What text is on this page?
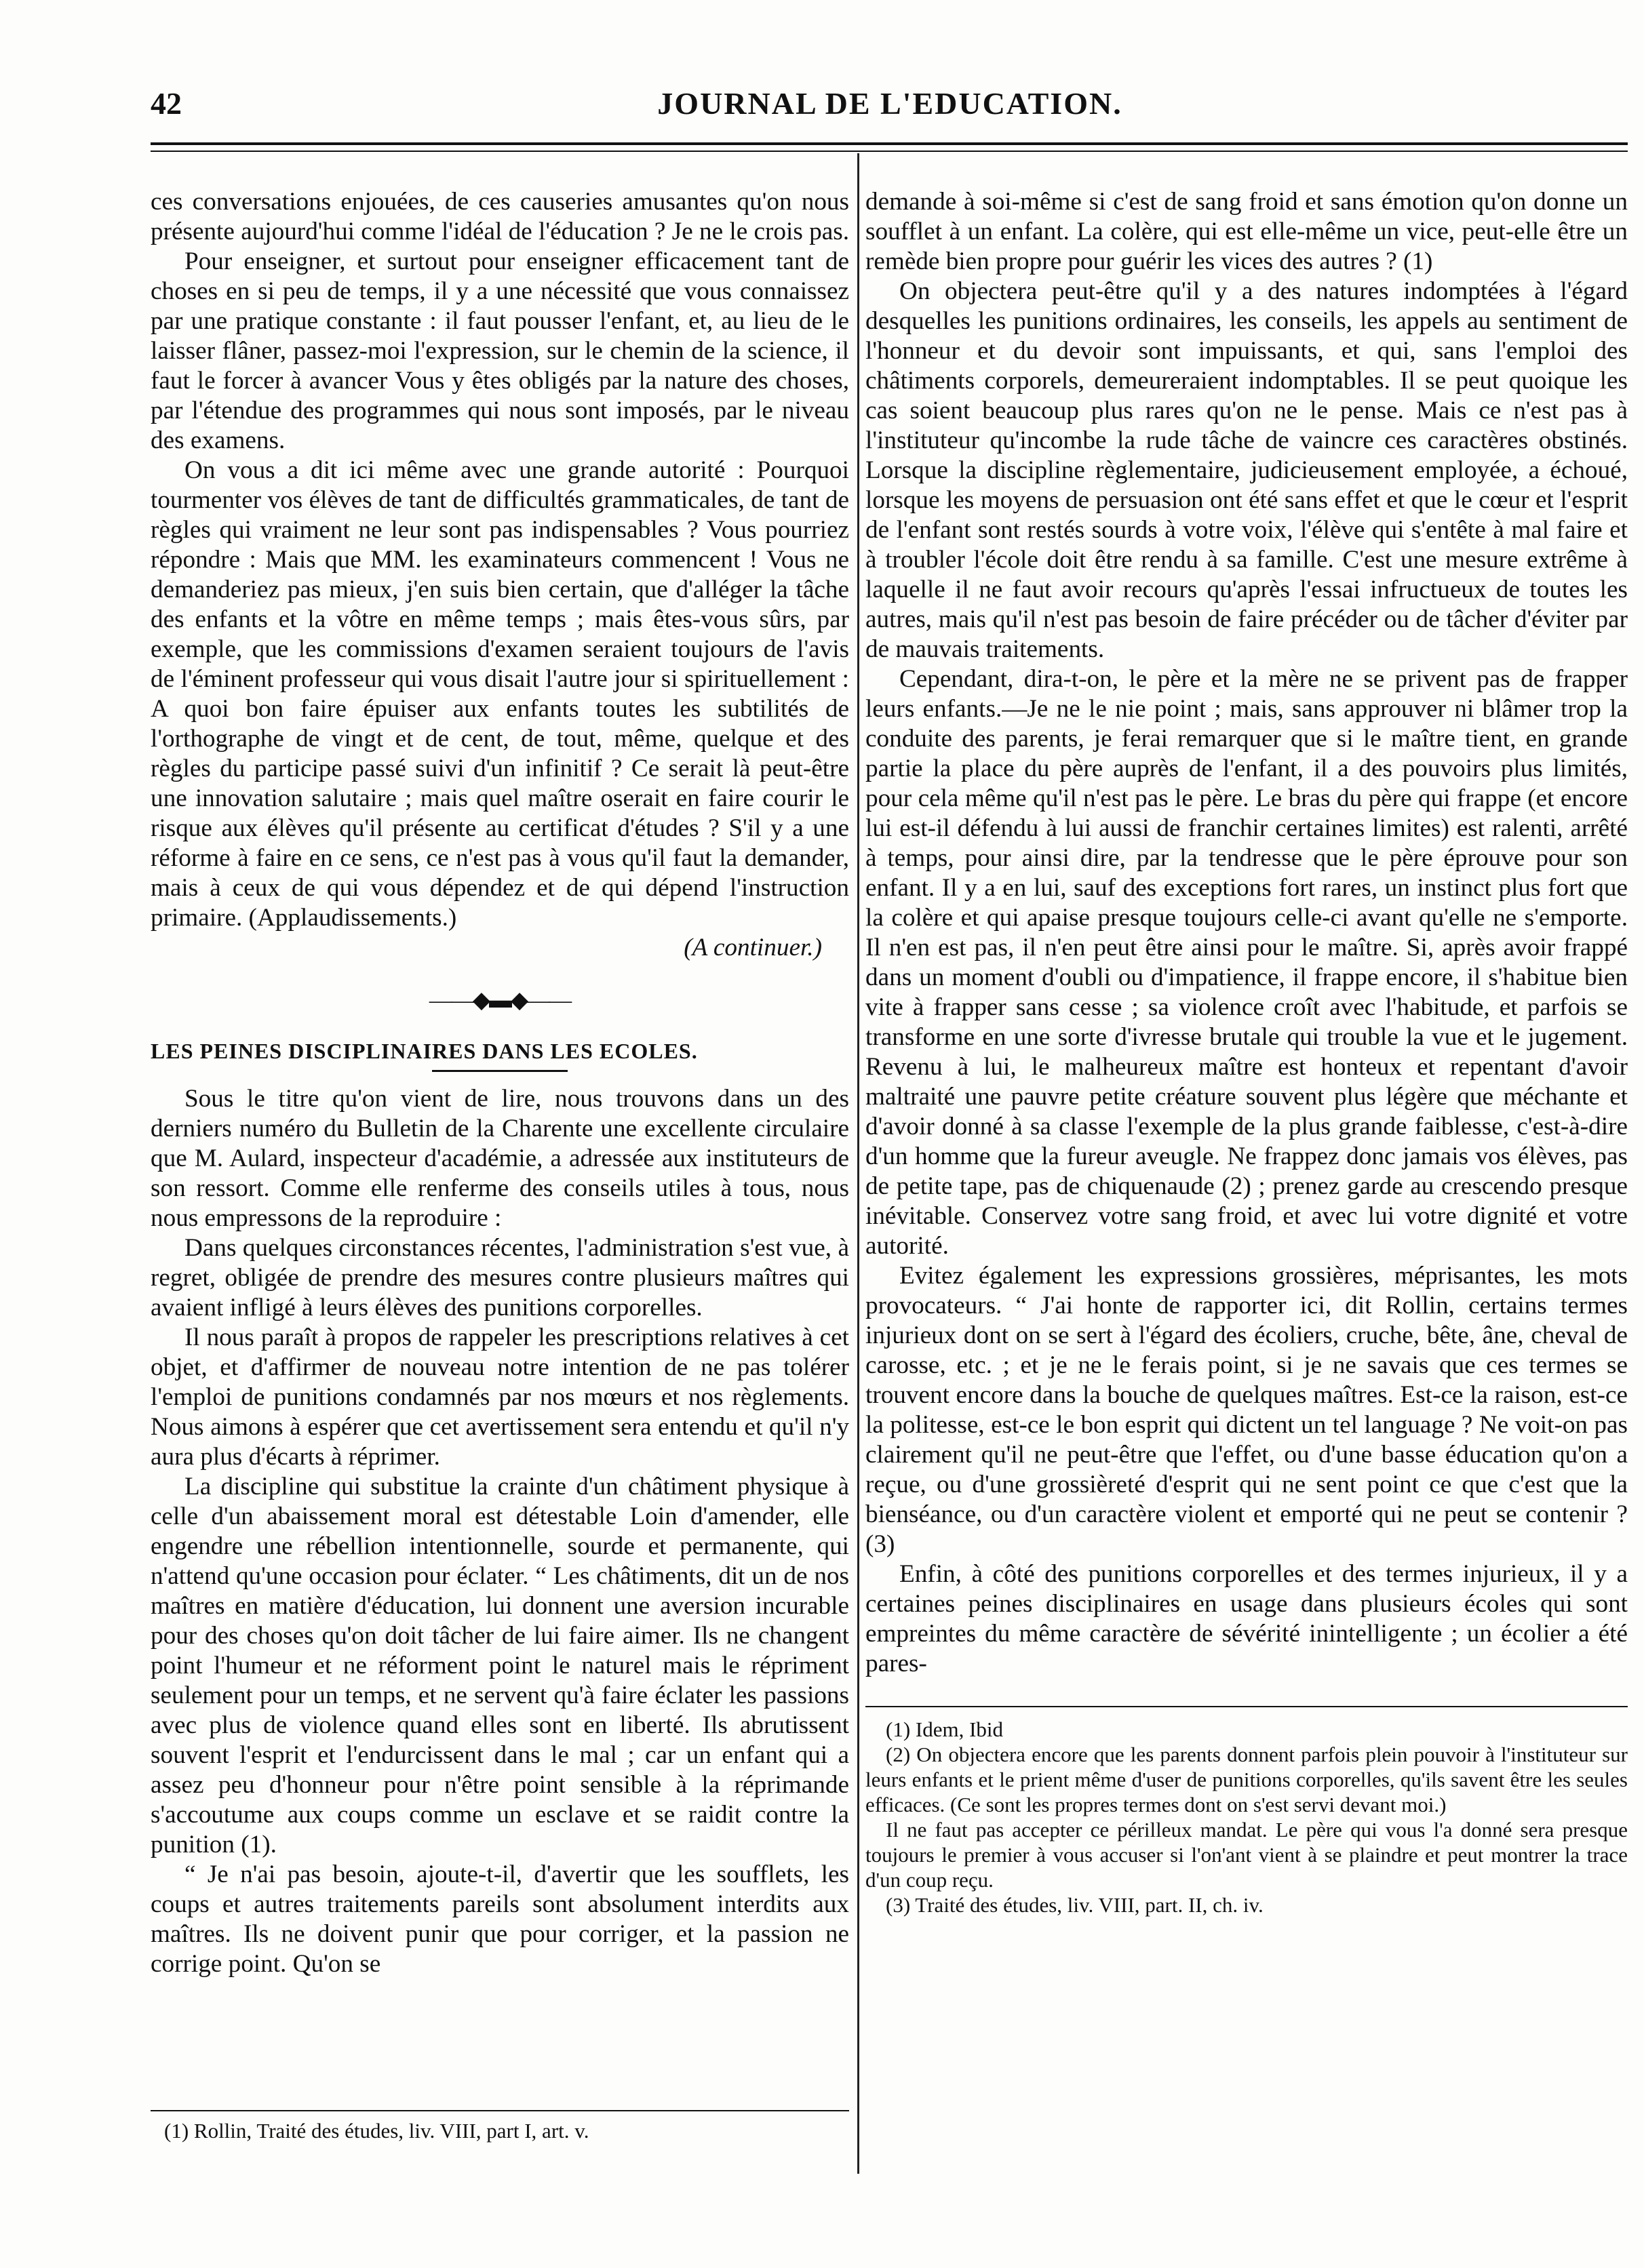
42	JOURNAL DE L'EDUCATION.

ces conversations enjouées, de ces causeries amusantes qu'on nous présente aujourd'hui comme l'idéal de l'éducation ? Je ne le crois pas.

Pour enseigner, et surtout pour enseigner efficacement tant de choses en si peu de temps, il y a une nécessité que vous connaissez par une pratique constante : il faut pousser l'enfant, et, au lieu de le laisser flâner, passez-moi l'expression, sur le chemin de la science, il faut le forcer à avancer Vous y êtes obligés par la nature des choses, par l'étendue des programmes qui nous sont imposés, par le niveau des examens.

On vous a dit ici même avec une grande autorité : Pourquoi tourmenter vos élèves de tant de difficultés grammaticales, de tant de règles qui vraiment ne leur sont pas indispensables ? Vous pourriez répondre : Mais que MM. les examinateurs commencent ! Vous ne demanderiez pas mieux, j'en suis bien certain, que d'alléger la tâche des enfants et la vôtre en même temps ; mais êtes-vous sûrs, par exemple, que les commissions d'examen seraient toujours de l'avis de l'éminent professeur qui vous disait l'autre jour si spirituellement : A quoi bon faire épuiser aux enfants toutes les subtilités de l'orthographe de vingt et de cent, de tout, même, quelque et des règles du participe passé suivi d'un infinitif ? Ce serait là peut-être une innovation salutaire ; mais quel maître oserait en faire courir le risque aux élèves qu'il présente au certificat d'études ? S'il y a une réforme à faire en ce sens, ce n'est pas à vous qu'il faut la demander, mais à ceux de qui vous dépendez et de qui dépend l'instruction primaire. (Applaudissements.)

(A continuer.)

——◆▬◆——
LES PEINES DISCIPLINAIRES DANS LES ECOLES.

Sous le titre qu'on vient de lire, nous trouvons dans un des derniers numéro du Bulletin de la Charente une excellente circulaire que M. Aulard, inspecteur d'académie, a adressée aux instituteurs de son ressort. Comme elle renferme des conseils utiles à tous, nous nous empressons de la reproduire :

Dans quelques circonstances récentes, l'administration s'est vue, à regret, obligée de prendre des mesures contre plusieurs maîtres qui avaient infligé à leurs élèves des punitions corporelles.

Il nous paraît à propos de rappeler les prescriptions relatives à cet objet, et d'affirmer de nouveau notre intention de ne pas tolérer l'emploi de punitions condamnés par nos mœurs et nos règlements. Nous aimons à espérer que cet avertissement sera entendu et qu'il n'y aura plus d'écarts à réprimer.

La discipline qui substitue la crainte d'un châtiment physique à celle d'un abaissement moral est détestable Loin d'amender, elle engendre une rébellion intentionnelle, sourde et permanente, qui n'attend qu'une occasion pour éclater. “ Les châtiments, dit un de nos maîtres en matière d'éducation, lui donnent une aversion incurable pour des choses qu'on doit tâcher de lui faire aimer. Ils ne changent point l'humeur et ne réforment point le naturel mais le répriment seulement pour un temps, et ne servent qu'à faire éclater les passions avec plus de violence quand elles sont en liberté. Ils abrutissent souvent l'esprit et l'endurcissent dans le mal ; car un enfant qui a assez peu d'honneur pour n'être point sensible à la réprimande s'accoutume aux coups comme un esclave et se raidit contre la punition (1).

“ Je n'ai pas besoin, ajoute-t-il, d'avertir que les soufflets, les coups et autres traitements pareils sont absolument interdits aux maîtres. Ils ne doivent punir que pour corriger, et la passion ne corrige point. Qu'on se

(1) Rollin, Traité des études, liv. VIII, part I, art. v.

demande à soi-même si c'est de sang froid et sans émotion qu'on donne un soufflet à un enfant. La colère, qui est elle-même un vice, peut-elle être un remède bien propre pour guérir les vices des autres ? (1)

On objectera peut-être qu'il y a des natures indomptées à l'égard desquelles les punitions ordinaires, les conseils, les appels au sentiment de l'honneur et du devoir sont impuissants, et qui, sans l'emploi des châtiments corporels, demeureraient indomptables. Il se peut quoique les cas soient beaucoup plus rares qu'on ne le pense. Mais ce n'est pas à l'instituteur qu'incombe la rude tâche de vaincre ces caractères obstinés. Lorsque la discipline règlementaire, judicieusement employée, a échoué, lorsque les moyens de persuasion ont été sans effet et que le cœur et l'esprit de l'enfant sont restés sourds à votre voix, l'élève qui s'entête à mal faire et à troubler l'école doit être rendu à sa famille. C'est une mesure extrême à laquelle il ne faut avoir recours qu'après l'essai infructueux de toutes les autres, mais qu'il n'est pas besoin de faire précéder ou de tâcher d'éviter par de mauvais traitements.

Cependant, dira-t-on, le père et la mère ne se privent pas de frapper leurs enfants.—Je ne le nie point ; mais, sans approuver ni blâmer trop la conduite des parents, je ferai remarquer que si le maître tient, en grande partie la place du père auprès de l'enfant, il a des pouvoirs plus limités, pour cela même qu'il n'est pas le père. Le bras du père qui frappe (et encore lui est-il défendu à lui aussi de franchir certaines limites) est ralenti, arrêté à temps, pour ainsi dire, par la tendresse que le père éprouve pour son enfant. Il y a en lui, sauf des exceptions fort rares, un instinct plus fort que la colère et qui apaise presque toujours celle-ci avant qu'elle ne s'emporte. Il n'en est pas, il n'en peut être ainsi pour le maître. Si, après avoir frappé dans un moment d'oubli ou d'impatience, il frappe encore, il s'habitue bien vite à frapper sans cesse ; sa violence croît avec l'habitude, et parfois se transforme en une sorte d'ivresse brutale qui trouble la vue et le jugement. Revenu à lui, le malheureux maître est honteux et repentant d'avoir maltraité une pauvre petite créature souvent plus légère que méchante et d'avoir donné à sa classe l'exemple de la plus grande faiblesse, c'est-à-dire d'un homme que la fureur aveugle. Ne frappez donc jamais vos élèves, pas de petite tape, pas de chiquenaude (2) ; prenez garde au crescendo presque inévitable. Conservez votre sang froid, et avec lui votre dignité et votre autorité.

Evitez également les expressions grossières, méprisantes, les mots provocateurs. “ J'ai honte de rapporter ici, dit Rollin, certains termes injurieux dont on se sert à l'égard des écoliers, cruche, bête, âne, cheval de carosse, etc. ; et je ne le ferais point, si je ne savais que ces termes se trouvent encore dans la bouche de quelques maîtres. Est-ce la raison, est-ce la politesse, est-ce le bon esprit qui dictent un tel language ? Ne voit-on pas clairement qu'il ne peut-être que l'effet, ou d'une basse éducation qu'on a reçue, ou d'une grossièreté d'esprit qui ne sent point ce que c'est que la bienséance, ou d'un caractère violent et emporté qui ne peut se contenir ? (3)

Enfin, à côté des punitions corporelles et des termes injurieux, il y a certaines peines disciplinaires en usage dans plusieurs écoles qui sont empreintes du même caractère de sévérité inintelligente ; un écolier a été pares-

(1) Idem, Ibid

(2) On objectera encore que les parents donnent parfois plein pouvoir à l'instituteur sur leurs enfants et le prient même d'user de punitions corporelles, qu'ils savent être les seules efficaces. (Ce sont les propres termes dont on s'est servi devant moi.)

Il ne faut pas accepter ce périlleux mandat. Le père qui vous l'a donné sera presque toujours le premier à vous accuser si l'on'ant vient à se plaindre et peut montrer la trace d'un coup reçu.

(3) Traité des études, liv. VIII, part. II, ch. iv.
